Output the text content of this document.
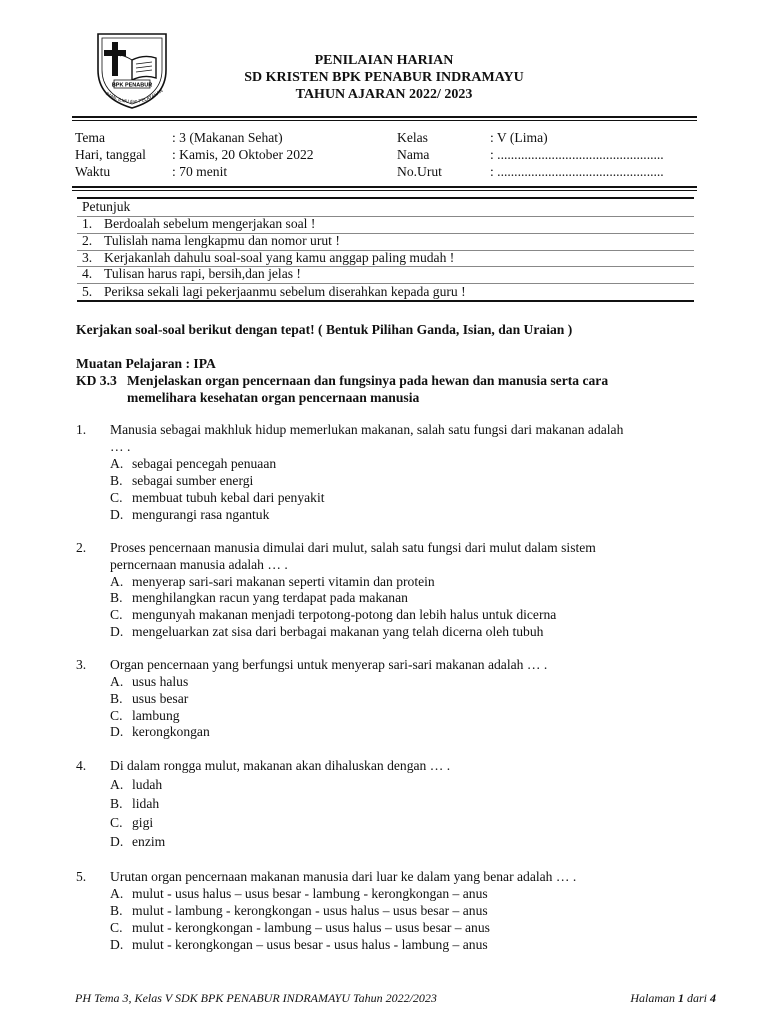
BPK PENABUR
IMAN, ILMU dan PELAYANAN
PENILAIAN HARIAN
SD KRISTEN BPK PENABUR INDRAMAYU
TAHUN AJARAN 2022/ 2023
Tema	: 3 (Makanan Sehat)
Hari, tanggal : Kamis, 20 Oktober 2022
Waktu	: 70 menit
Kelas	: V (Lima)
Nama	: .................................................
No.Urut	: .................................................
Petunjuk
1. Berdoalah sebelum mengerjakan soal !
2. Tulislah nama lengkapmu dan nomor urut !
3. Kerjakanlah dahulu soal-soal yang kamu anggap paling mudah !
4. Tulisan harus rapi, bersih,dan jelas !
5. Periksa sekali lagi pekerjaanmu sebelum diserahkan kepada guru !
Kerjakan soal-soal berikut dengan tepat! ( Bentuk Pilihan Ganda, Isian, dan Uraian )
Muatan Pelajaran : IPA
KD 3.3 Menjelaskan organ pencernaan dan fungsinya pada hewan dan manusia serta cara
memelihara kesehatan organ pencernaan manusia
1. Manusia sebagai makhluk hidup memerlukan makanan, salah satu fungsi dari makanan adalah
… .
A. sebagai pencegah penuaan
B. sebagai sumber energi
C. membuat tubuh kebal dari penyakit
D. mengurangi rasa ngantuk
2. Proses pencernaan manusia dimulai dari mulut, salah satu fungsi dari mulut dalam sistem
perncernaan manusia adalah … .
A. menyerap sari-sari makanan seperti vitamin dan protein
B. menghilangkan racun yang terdapat pada makanan
C. mengunyah makanan menjadi terpotong-potong dan lebih halus untuk dicerna
D. mengeluarkan zat sisa dari berbagai makanan yang telah dicerna oleh tubuh
3. Organ pencernaan yang berfungsi untuk menyerap sari-sari makanan adalah … .
A. usus halus
B. usus besar
C. lambung
D. kerongkongan
4. Di dalam rongga mulut, makanan akan dihaluskan dengan … .
A. ludah
B. lidah
C. gigi
D. enzim
5. Urutan organ pencernaan makanan manusia dari luar ke dalam yang benar adalah … .
A. mulut - usus halus – usus besar - lambung - kerongkongan – anus
B. mulut - lambung - kerongkongan - usus halus – usus besar – anus
C. mulut - kerongkongan - lambung – usus halus – usus besar – anus
D. mulut - kerongkongan – usus besar - usus halus - lambung – anus
PH Tema 3, Kelas V SDK BPK PENABUR INDRAMAYU Tahun 2022/2023	Halaman 1 dari 4
